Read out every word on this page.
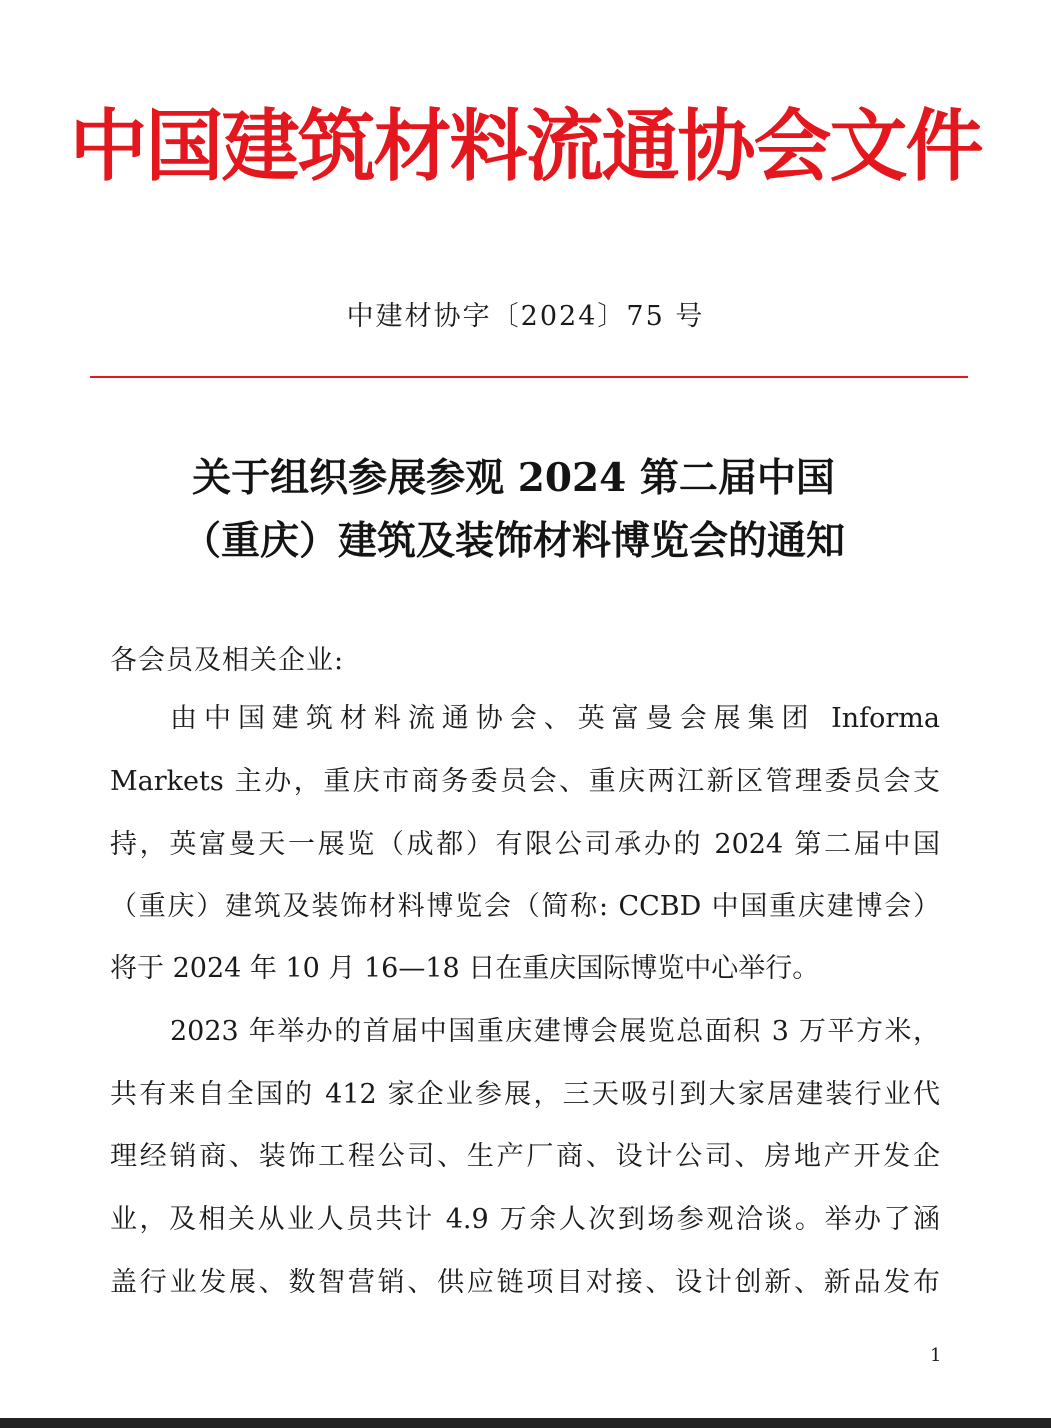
中国建筑材料流通协会文件
中建材协字〔2024〕75 号
关于组织参展参观 2024 第二届中国
（重庆）建筑及装饰材料博览会的通知
各会员及相关企业:
由中国建筑材料流通协会、英富曼会展集团 Informa
Markets 主办，重庆市商务委员会、重庆两江新区管理委员会支
持，英富曼天一展览（成都）有限公司承办的 2024 第二届中国
（重庆）建筑及装饰材料博览会（简称: CCBD 中国重庆建博会）
将于 2024 年 10 月 16—18 日在重庆国际博览中心举行。
2023 年举办的首届中国重庆建博会展览总面积 3 万平方米，
共有来自全国的 412 家企业参展，三天吸引到大家居建装行业代
理经销商、装饰工程公司、生产厂商、设计公司、房地产开发企
业，及相关从业人员共计 4.9 万余人次到场参观洽谈。举办了涵
盖行业发展、数智营销、供应链项目对接、设计创新、新品发布
1
